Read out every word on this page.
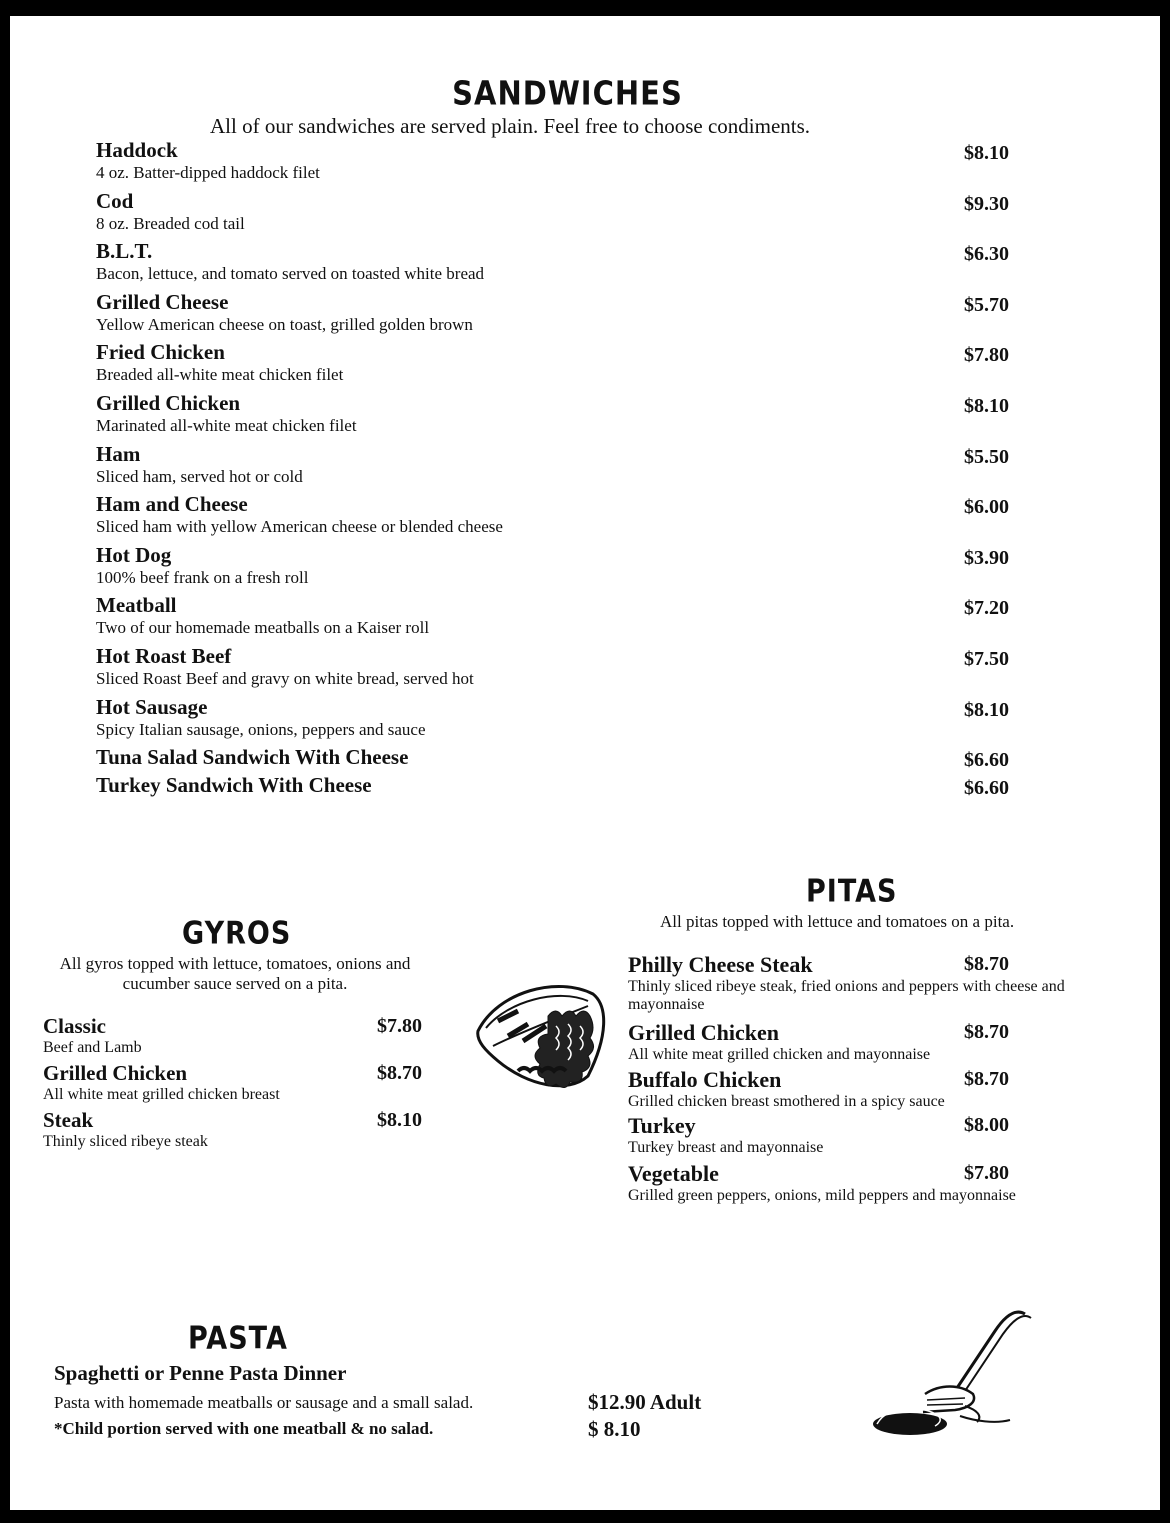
SANDWICHES
All of our sandwiches are served plain. Feel free to choose condiments.
Haddock
4 oz. Batter-dipped haddock filet
$8.10
Cod
8 oz. Breaded cod tail
$9.30
B.L.T.
Bacon, lettuce, and tomato served on toasted white bread
$6.30
Grilled Cheese
Yellow American cheese on toast, grilled golden brown
$5.70
Fried Chicken
Breaded all-white meat chicken filet
$7.80
Grilled Chicken
Marinated all-white meat chicken filet
$8.10
Ham
Sliced ham, served hot or cold
$5.50
Ham and Cheese
Sliced ham with yellow American cheese or blended cheese
$6.00
Hot Dog
100% beef frank on a fresh roll
$3.90
Meatball
Two of our homemade meatballs on a Kaiser roll
$7.20
Hot Roast Beef
Sliced Roast Beef and gravy on white bread, served hot
$7.50
Hot Sausage
Spicy Italian sausage, onions, peppers and sauce
$8.10
Tuna Salad Sandwich With Cheese	$6.60
Turkey Sandwich With Cheese	$6.60
GYROS
All gyros topped with lettuce, tomatoes, onions and cucumber sauce served on a pita.
Classic
Beef and Lamb
$7.80
Grilled Chicken
All white meat grilled chicken breast
$8.70
Steak
Thinly sliced ribeye steak
$8.10
PITAS
All pitas topped with lettuce and tomatoes on a pita.
Philly Cheese Steak
Thinly sliced ribeye steak, fried onions and peppers with cheese and mayonnaise
$8.70
Grilled Chicken
All white meat grilled chicken and mayonnaise
$8.70
Buffalo Chicken
Grilled chicken breast smothered in a spicy sauce
$8.70
Turkey
Turkey breast and mayonnaise
$8.00
Vegetable
Grilled green peppers, onions, mild peppers and mayonnaise
$7.80
PASTA
Spaghetti or Penne Pasta Dinner
Pasta with homemade meatballs or sausage and a small salad.
*Child portion served with one meatball & no salad.
$12.90 Adult
$ 8.10
